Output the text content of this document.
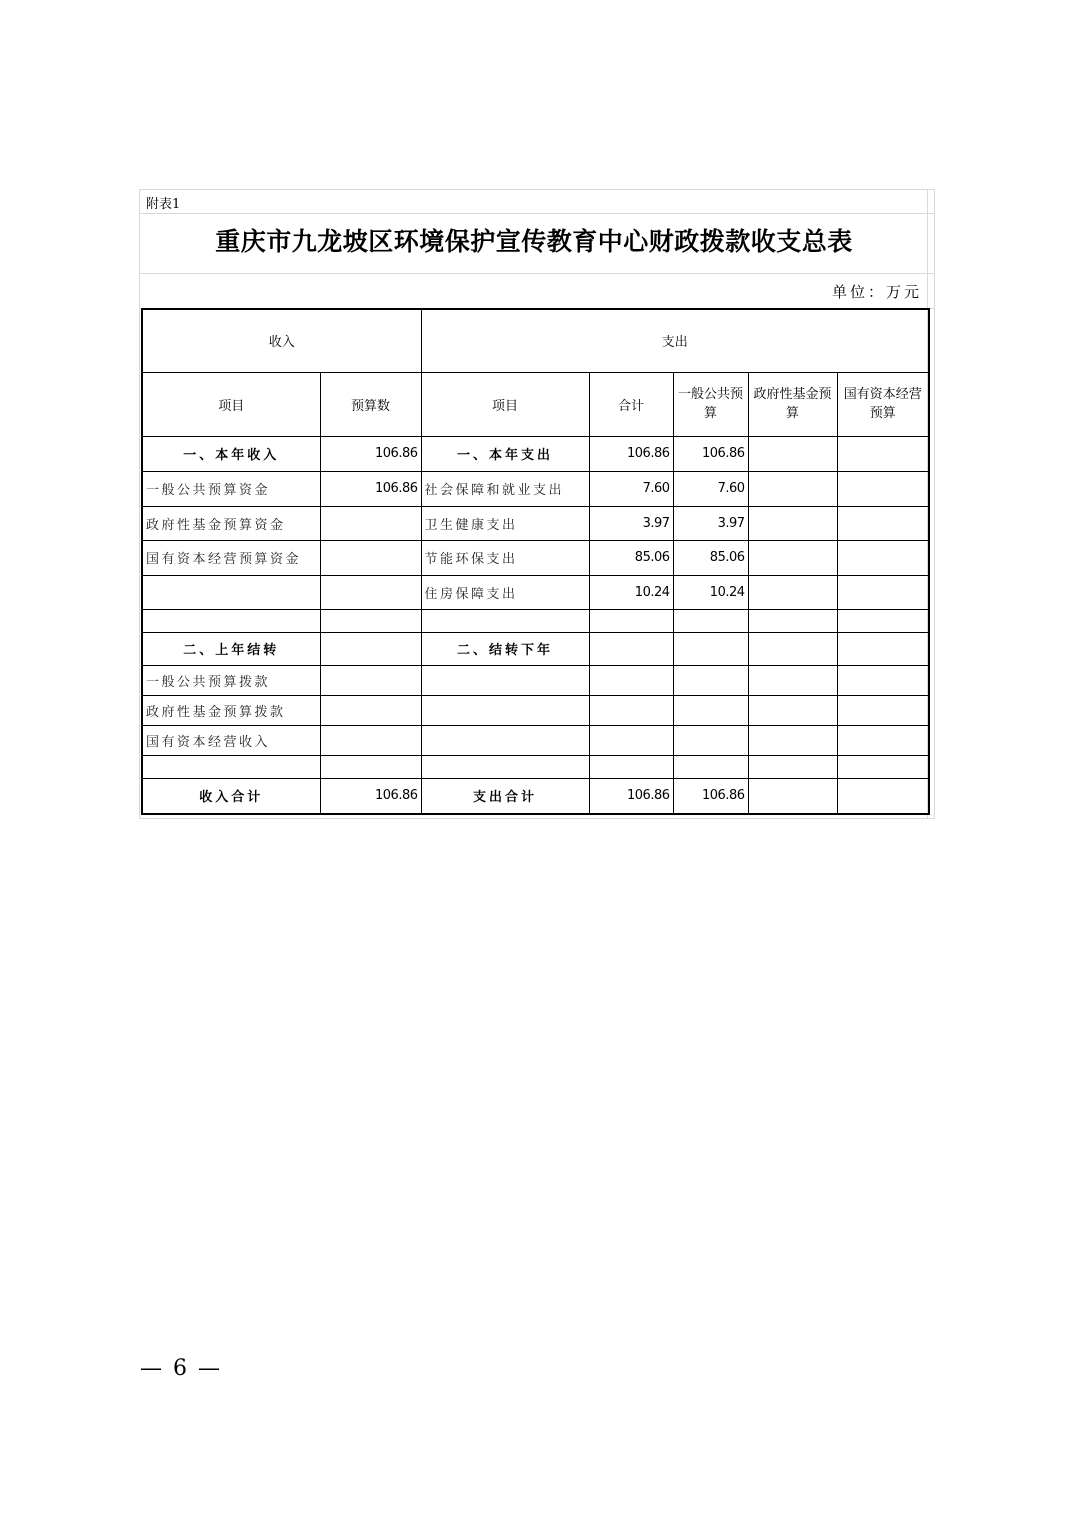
附表1
重庆市九龙坡区环境保护宣传教育中心财政拨款收支总表
单位：万元
收入		支出				
项目	预算数	项目	合计	一般公共预算	政府性基金预算	国有资本经营预算
一、本年收入	106.86	一、本年支出	106.86	106.86		
一般公共预算资金	106.86	社会保障和就业支出	7.60	7.60		
政府性基金预算资金		卫生健康支出	3.97	3.97		
国有资本经营预算资金		节能环保支出	85.06	85.06		
		住房保障支出	10.24	10.24		

二、上年结转		二、结转下年				
一般公共预算拨款						
政府性基金预算拨款						
国有资本经营收入						

收入合计	106.86	支出合计	106.86	106.86		
— 6 —
